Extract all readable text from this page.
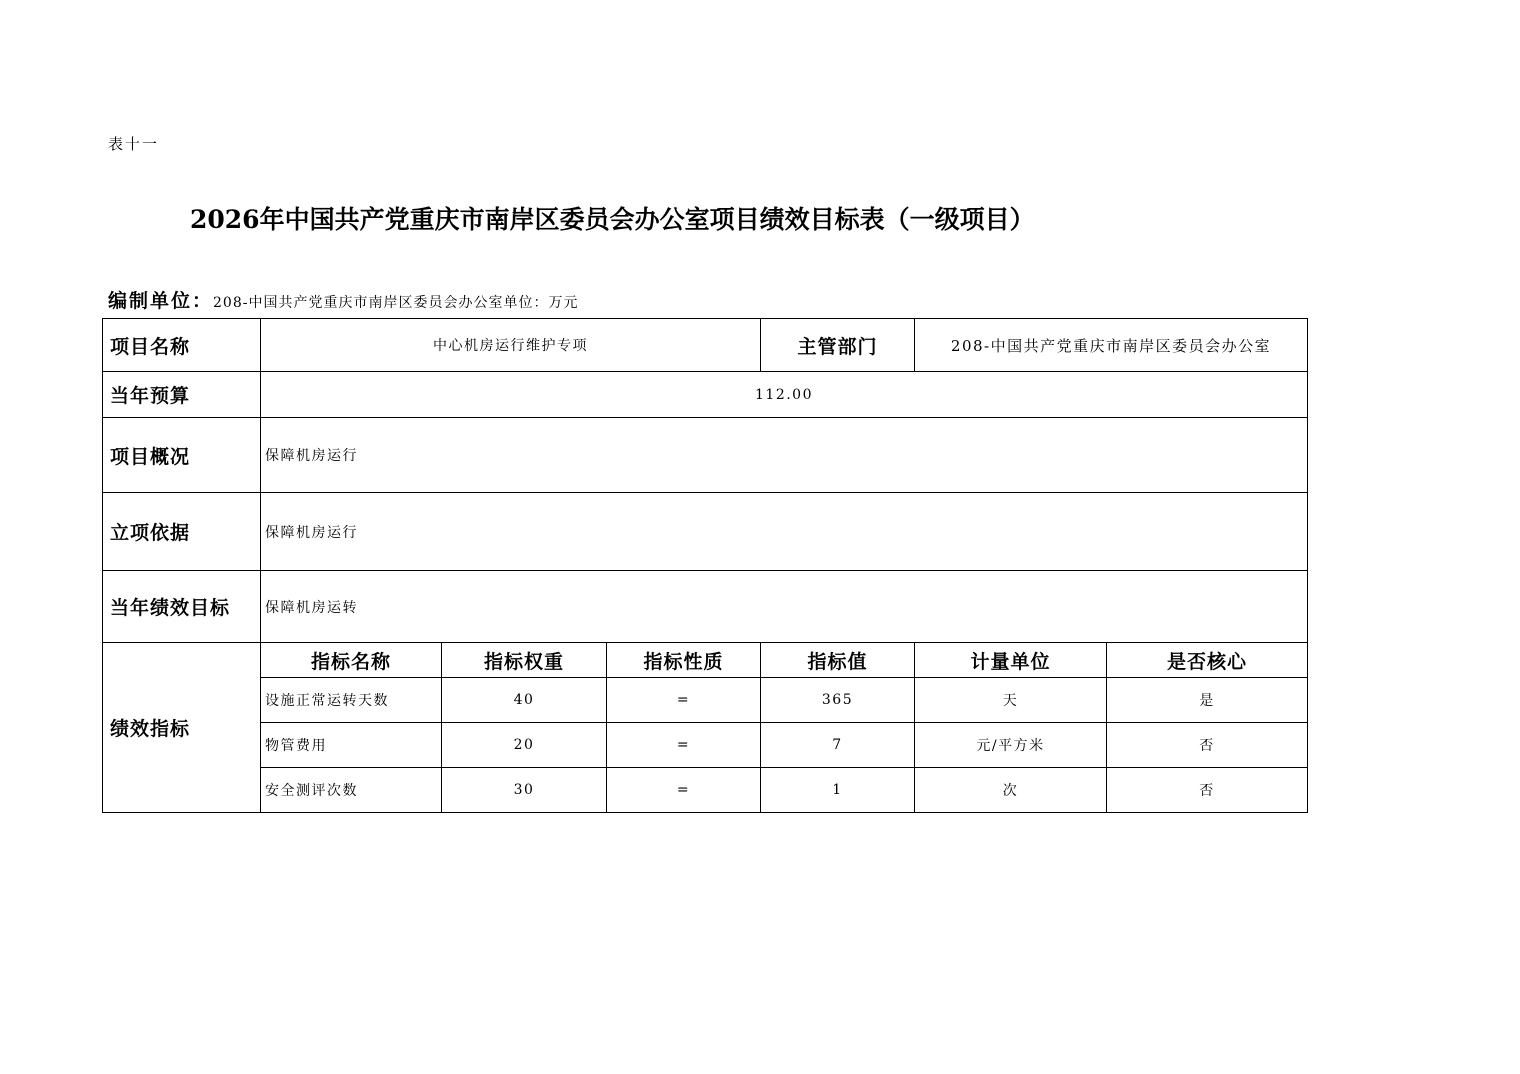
表十一
2026年中国共产党重庆市南岸区委员会办公室项目绩效目标表（一级项目）
编制单位：208-中国共产党重庆市南岸区委员会办公室单位：万元
项目名称	中心机房运行维护专项			主管部门	208-中国共产党重庆市南岸区委员会办公室	
当年预算	112.00					
项目概况	保障机房运行					
立项依据	保障机房运行					
当年绩效目标	保障机房运转					
绩效指标	指标名称	指标权重	指标性质	指标值	计量单位	是否核心
	设施正常运转天数	40	=	365	天	是
	物管费用	20	=	7	元/平方米	否
	安全测评次数	30	=	1	次	否
